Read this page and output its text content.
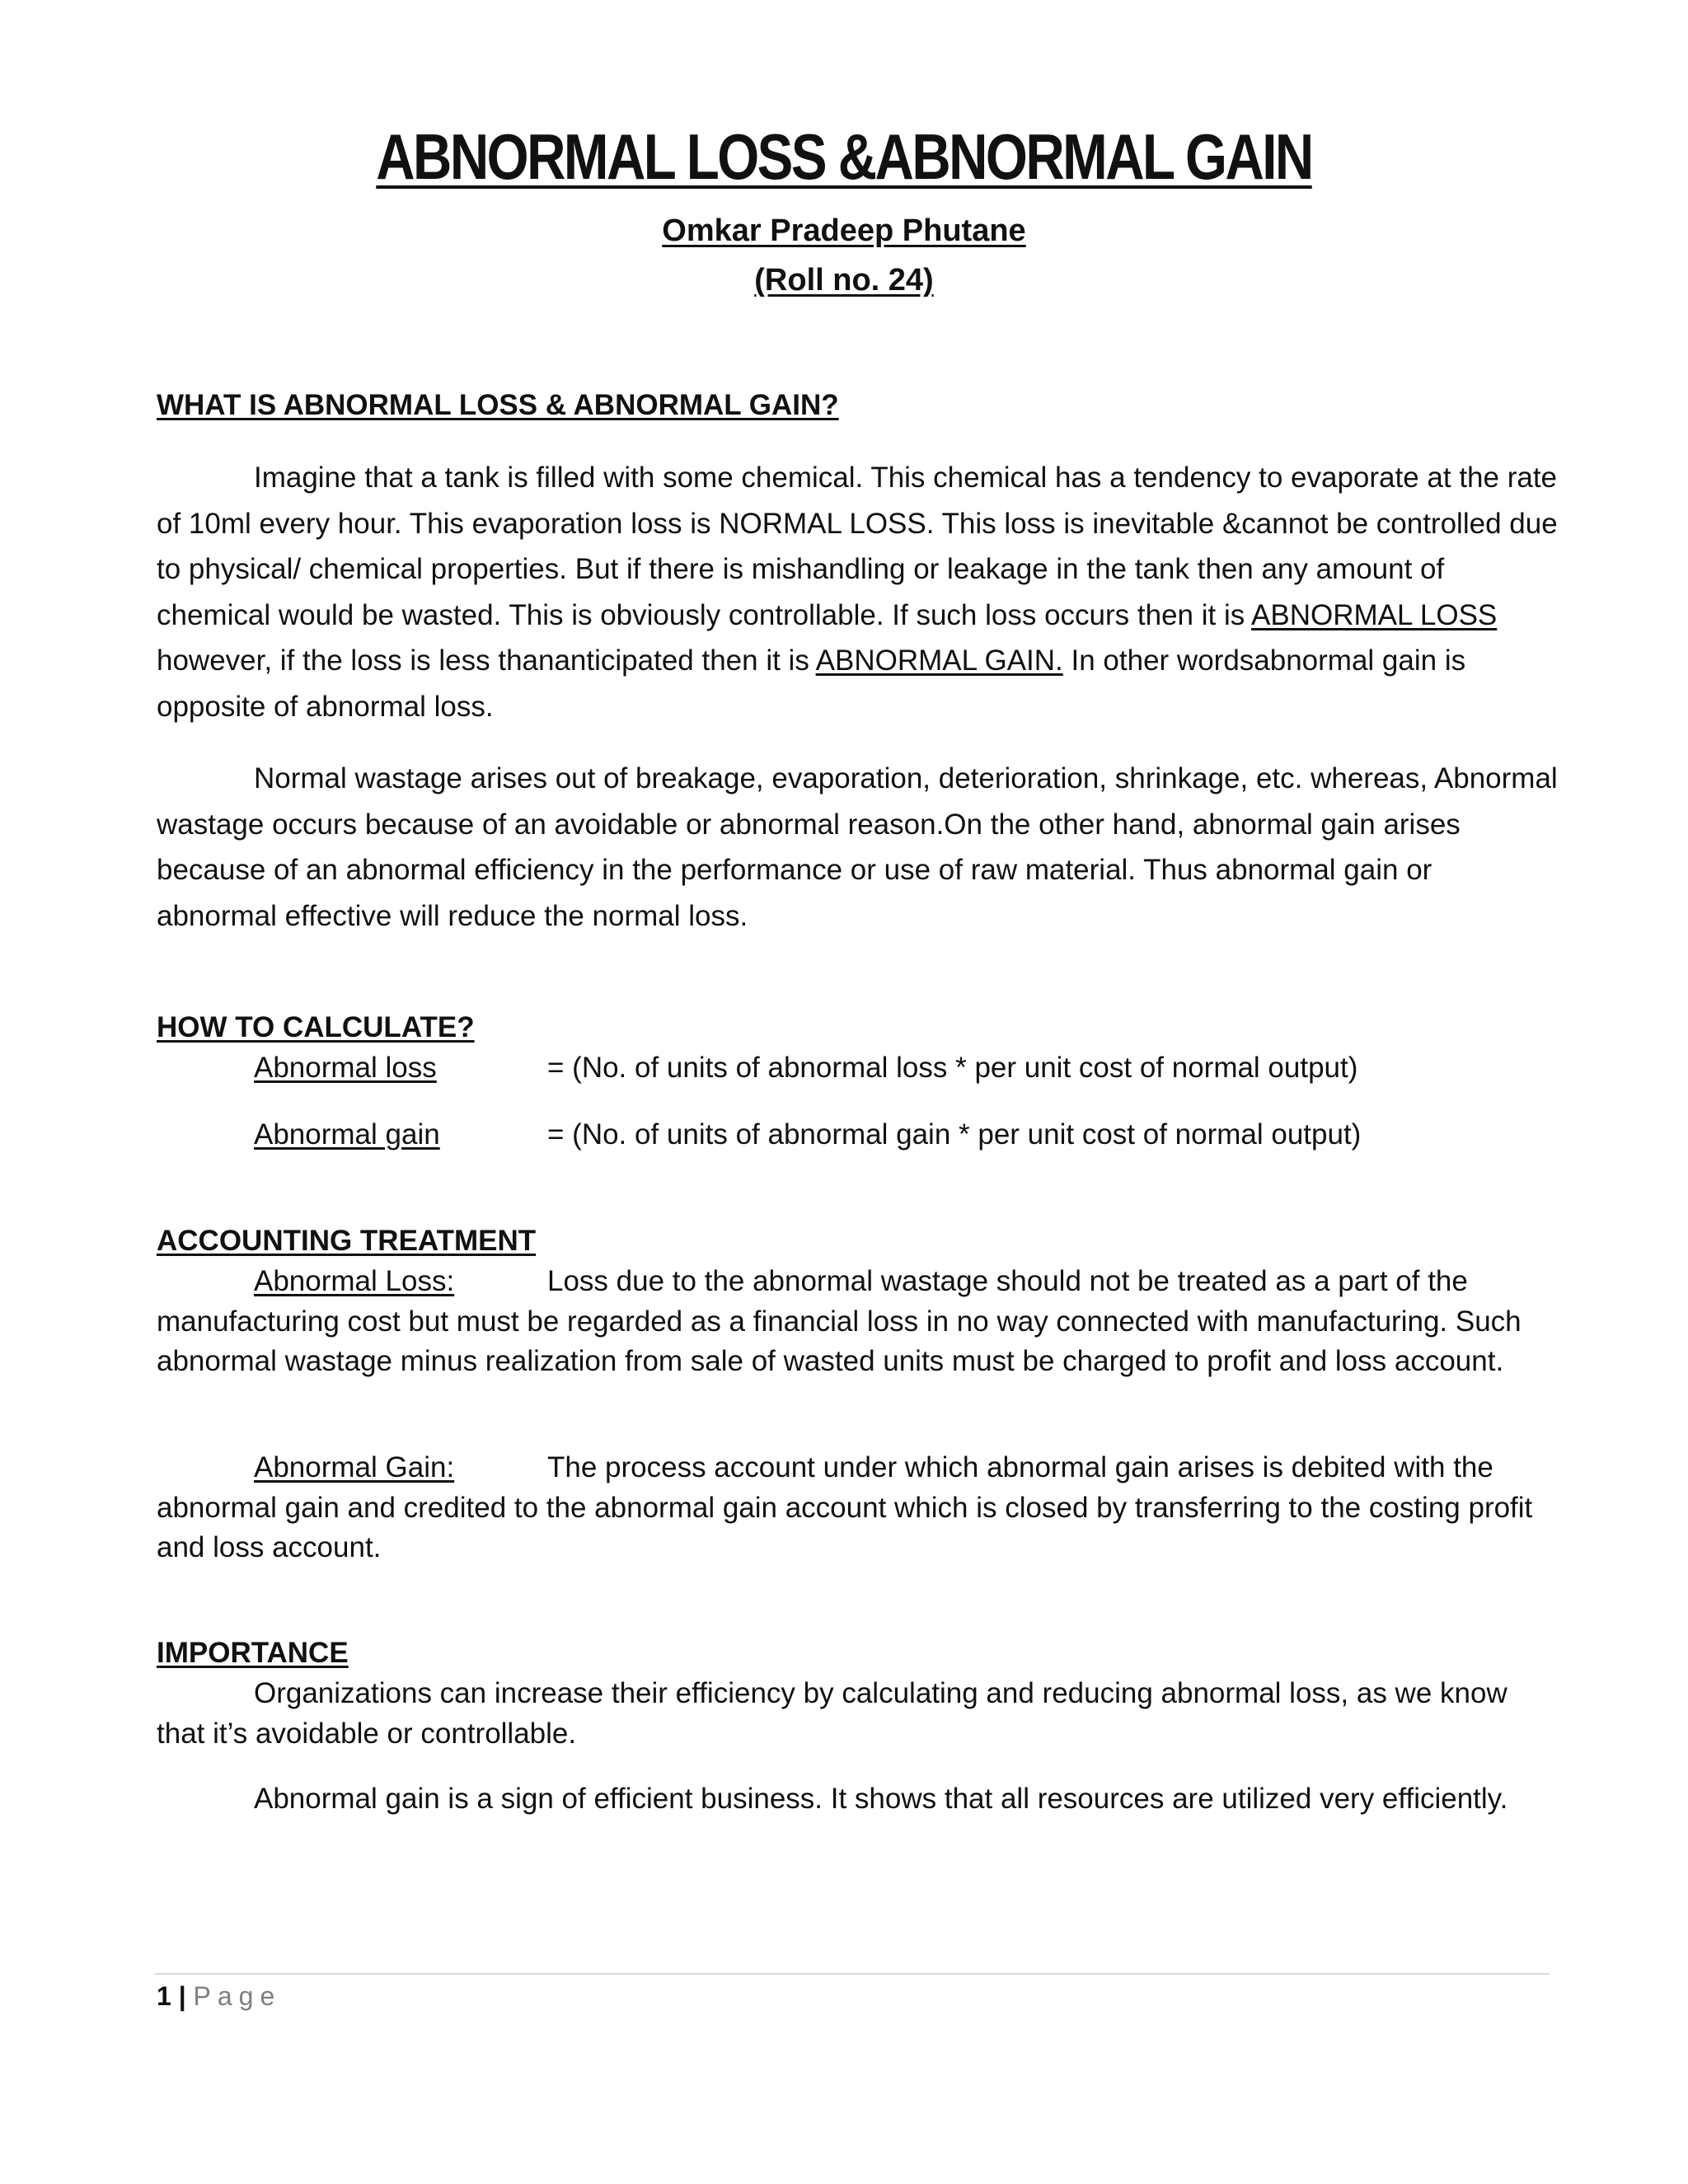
ABNORMAL LOSS &ABNORMAL GAIN
Omkar Pradeep Phutane
(Roll no. 24)
WHAT IS ABNORMAL LOSS & ABNORMAL GAIN?

Imagine that a tank is filled with some chemical. This chemical has a tendency to evaporate at the rate of 10ml every hour. This evaporation loss is NORMAL LOSS. This loss is inevitable &cannot be controlled due to physical/ chemical properties. But if there is mishandling or leakage in the tank then any amount of chemical would be wasted. This is obviously controllable. If such loss occurs then it is ABNORMAL LOSS however, if the loss is less thananticipated then it is ABNORMAL GAIN. In other wordsabnormal gain is opposite of abnormal loss.

Normal wastage arises out of breakage, evaporation, deterioration, shrinkage, etc. whereas, Abnormal wastage occurs because of an avoidable or abnormal reason.On the other hand, abnormal gain arises because of an abnormal efficiency in the performance or use of raw material. Thus abnormal gain or abnormal effective will reduce the normal loss.

HOW TO CALCULATE?
Abnormal loss	= (No. of units of abnormal loss * per unit cost of normal output)
Abnormal gain	= (No. of units of abnormal gain * per unit cost of normal output)
ACCOUNTING TREATMENT

Abnormal Loss:	Loss due to the abnormal wastage should not be treated as a part of the manufacturing cost but must be regarded as a financial loss in no way connected with manufacturing. Such abnormal wastage minus realization from sale of wasted units must be charged to profit and loss account.

Abnormal Gain:	The process account under which abnormal gain arises is debited with the abnormal gain and credited to the abnormal gain account which is closed by transferring to the costing profit and loss account.

IMPORTANCE

Organizations can increase their efficiency by calculating and reducing abnormal loss, as we know that it’s avoidable or controllable.

Abnormal gain is a sign of efficient business. It shows that all resources are utilized very efficiently.

1 | Page
